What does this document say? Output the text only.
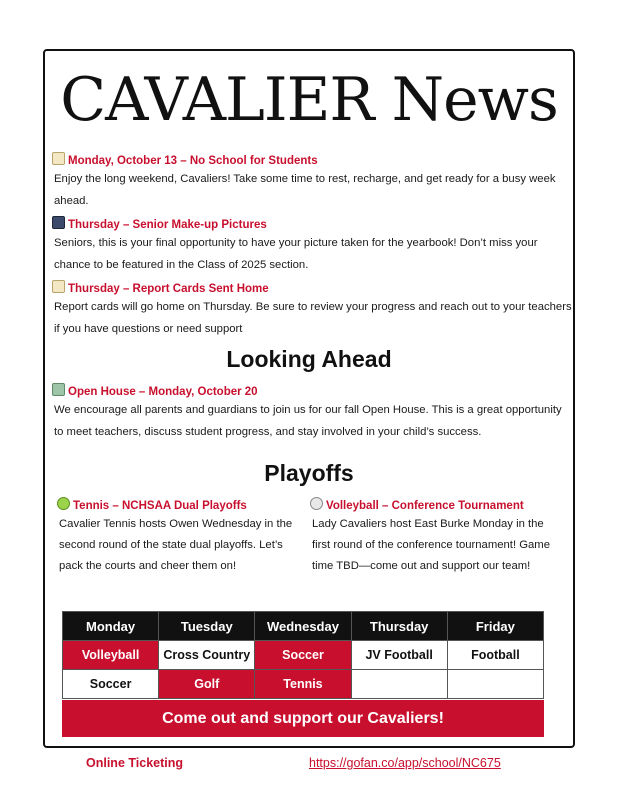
CAVALIER News
Monday, October 13 – No School for Students
Enjoy the long weekend, Cavaliers! Take some time to rest, recharge, and get ready for a busy week ahead.
Thursday – Senior Make-up Pictures
Seniors, this is your final opportunity to have your picture taken for the yearbook! Don’t miss your chance to be featured in the Class of 2025 section.
Thursday – Report Cards Sent Home
Report cards will go home on Thursday. Be sure to review your progress and reach out to your teachers if you have questions or need support
Looking Ahead
Open House – Monday, October 20
We encourage all parents and guardians to join us for our fall Open House. This is a great opportunity to meet teachers, discuss student progress, and stay involved in your child’s success.
Playoffs
Tennis – NCHSAA Dual Playoffs
Cavalier Tennis hosts Owen Wednesday in the second round of the state dual playoffs. Let’s pack the courts and cheer them on!
Volleyball – Conference Tournament
Lady Cavaliers host East Burke Monday in the first round of the conference tournament! Game time TBD—come out and support our team!
Monday	Tuesday	Wednesday	Thursday	Friday
Volleyball	Cross Country	Soccer	JV Football	Football
Soccer	Golf	Tennis		
Come out and support our Cavaliers!
Online Ticketing	https://gofan.co/app/school/NC675
